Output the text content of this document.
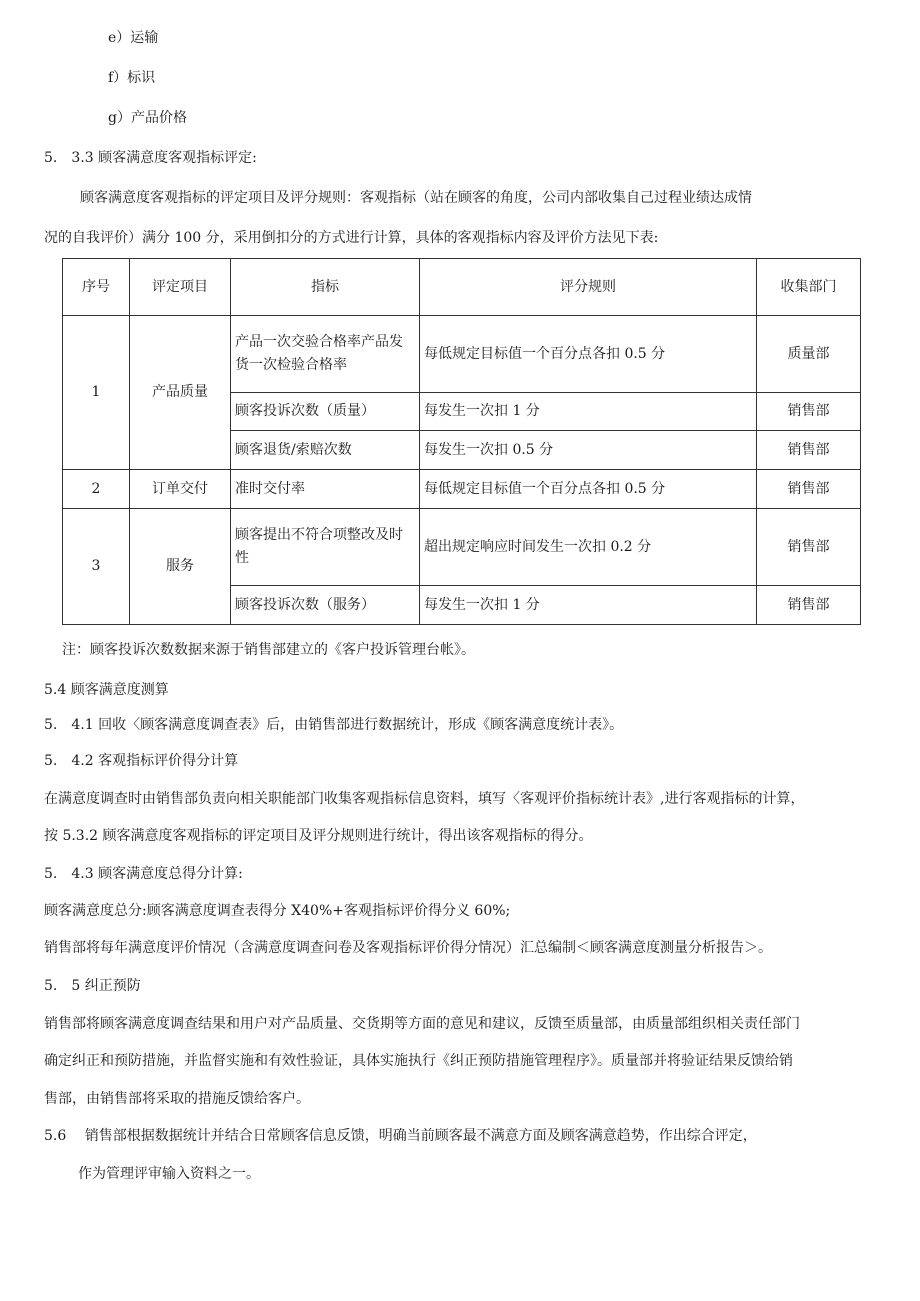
e）运输
f）标识
g）产品价格
5.　3.3 顾客满意度客观指标评定:
顾客满意度客观指标的评定项目及评分规则：客观指标（站在顾客的角度，公司内部收集自己过程业绩达成情
况的自我评价）满分 100 分，采用倒扣分的方式进行计算，具体的客观指标内容及评价方法见下表:
序号	评定项目	指标	评分规则	收集部门
1	产品质量	产品一次交验合格率产品发货一次检验合格率	每低规定目标值一个百分点各扣 0.5 分	质量部
		顾客投诉次数（质量）	每发生一次扣 1 分	销售部
		顾客退货/索赔次数	每发生一次扣 0.5 分	销售部
2	订单交付	准时交付率	每低规定目标值一个百分点各扣 0.5 分	销售部
3	服务	顾客提出不符合项整改及时性	超出规定响应时间发生一次扣 0.2 分	销售部
		顾客投诉次数（服务）	每发生一次扣 1 分	销售部
注：顾客投诉次数数据来源于销售部建立的《客户投诉管理台帐》。
5.4 顾客满意度测算
5.　4.1 回收〈顾客满意度调查表》后，由销售部进行数据统计，形成《顾客满意度统计表》。
5.　4.2 客观指标评价得分计算
在满意度调查时由销售部负责向相关职能部门收集客观指标信息资料，填写〈客观评价指标统计表》,进行客观指标的计算，
按 5.3.2 顾客满意度客观指标的评定项目及评分规则进行统计，得出该客观指标的得分。
5.　4.3 顾客满意度总得分计算:
顾客满意度总分:顾客满意度调查表得分 X40%+客观指标评价得分义 60%;
销售部将每年满意度评价情况（含满意度调查问卷及客观指标评价得分情况）汇总编制＜顾客满意度测量分析报告＞。
5.　5 纠正预防
销售部将顾客满意度调查结果和用户对产品质量、交货期等方面的意见和建议，反馈至质量部，由质量部组织相关责任部门
确定纠正和预防措施，并监督实施和有效性验证，具体实施执行《纠正预防措施管理程序》。质量部并将验证结果反馈给销
售部，由销售部将采取的措施反馈给客户。
5.6　 销售部根据数据统计并结合日常顾客信息反馈，明确当前顾客最不满意方面及顾客满意趋势，作出综合评定，
作为管理评审输入资料之一。
